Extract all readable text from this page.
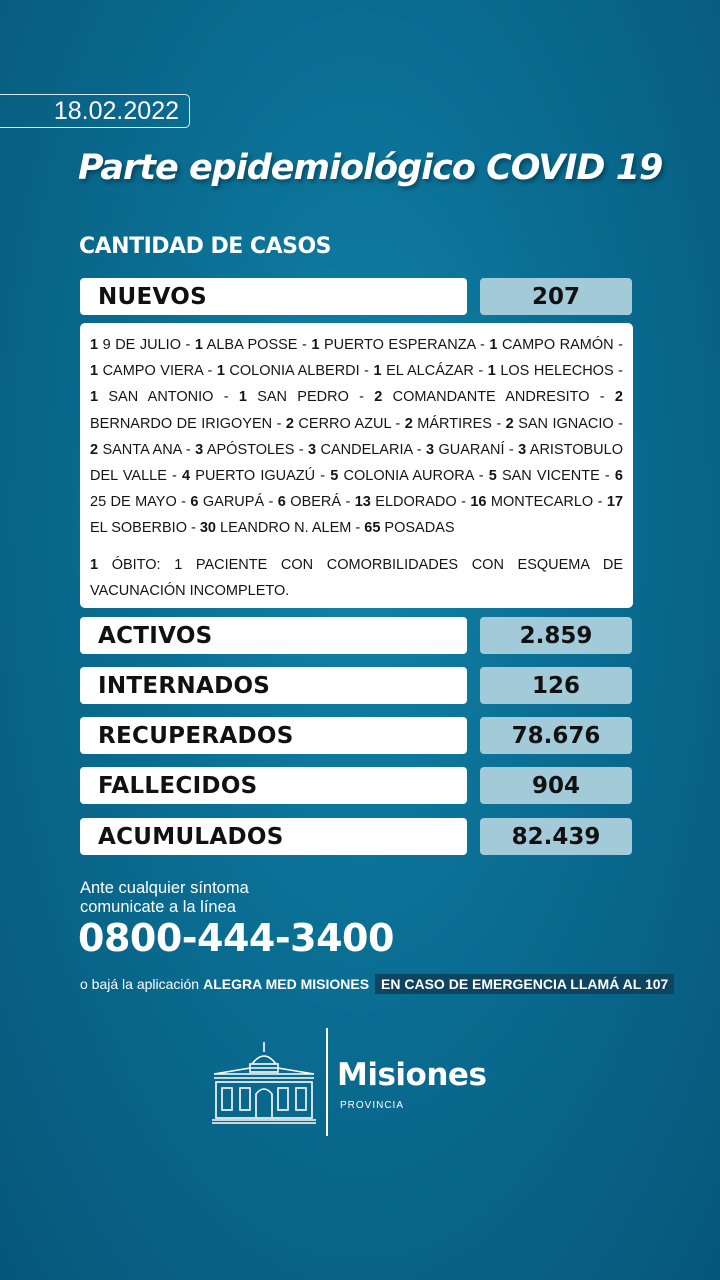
18.02.2022
Parte epidemiológico COVID 19
CANTIDAD DE CASOS
NUEVOS	207

1 9 DE JULIO - 1 ALBA POSSE - 1 PUERTO ESPERANZA - 1 CAMPO RAMÓN - 1 CAMPO VIERA - 1 COLONIA ALBERDI - 1 EL ALCÁZAR - 1 LOS HELECHOS - 1 SAN ANTONIO - 1 SAN PEDRO - 2 COMANDANTE ANDRESITO - 2 BERNARDO DE IRIGOYEN - 2 CERRO AZUL - 2 MÁRTIRES - 2 SAN IGNACIO - 2 SANTA ANA - 3 APÓSTOLES - 3 CANDELARIA - 3 GUARANÍ - 3 ARISTOBULO DEL VALLE - 4 PUERTO IGUAZÚ - 5 COLONIA AURORA - 5 SAN VICENTE - 6 25 DE MAYO - 6 GARUPÁ - 6 OBERÁ - 13 ELDORADO - 16 MONTECARLO - 17 EL SOBERBIO - 30 LEANDRO N. ALEM - 65 POSADAS

1 ÓBITO: 1 PACIENTE CON COMORBILIDADES CON ESQUEMA DE VACUNACIÓN INCOMPLETO.

ACTIVOS	2.859
INTERNADOS	126
RECUPERADOS	78.676
FALLECIDOS	904
ACUMULADOS	82.439
Ante cualquier síntoma
comunicate a la línea
0800-444-3400
o bajá la aplicación ALEGRA MED MISIONES EN CASO DE EMERGENCIA LLAMÁ AL 107
Misiones
PROVINCIA
